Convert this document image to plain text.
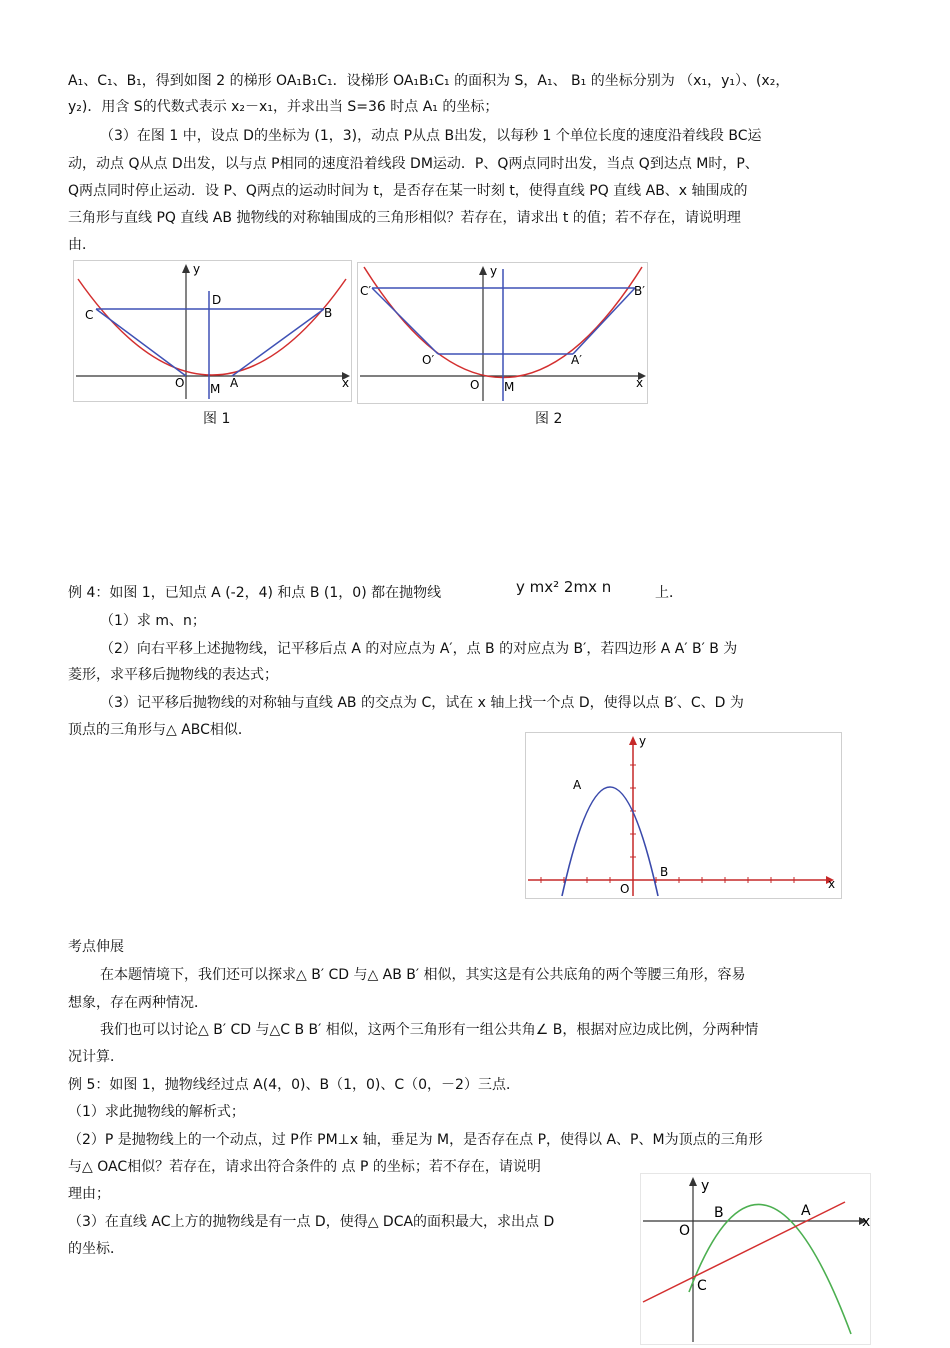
A₁、C₁、B₁，得到如图 2 的梯形 OA₁B₁C₁．设梯形 OA₁B₁C₁ 的面积为 S，A₁、 B₁ 的坐标分别为 （x₁，y₁）、(x₂，
y₂)．用含 S的代数式表示 x₂－x₁，并求出当 S=36 时点 A₁ 的坐标；
（3）在图 1 中，设点 D的坐标为 (1，3)，动点 P从点 B出发，以每秒 1 个单位长度的速度沿着线段 BC运
动，动点 Q从点 D出发，以与点 P相同的速度沿着线段 DM运动．P、Q两点同时出发，当点 Q到达点 M时，P、
Q两点同时停止运动．设 P、Q两点的运动时间为 t，是否存在某一时刻 t，使得直线 PQ 直线 AB、x 轴围成的
三角形与直线 PQ 直线 AB 抛物线的对称轴围成的三角形相似？若存在，请求出 t 的值；若不存在，请说明理
由．
C	B
D
O	A
M
y
x
图 1
C′	B′
O′	A′
O M
y
x
图 2
例 4：如图 1，已知点 A (-2，4) 和点 B (1，0) 都在抛物线	y mx² 2mx n	上．
（1）求 m、n；
（2）向右平移上述抛物线，记平移后点 A 的对应点为 A′，点 B 的对应点为 B′，若四边形 A A′ B′ B 为
菱形，求平移后抛物线的表达式；
（3）记平移后抛物线的对称轴与直线 AB 的交点为 C，试在 x 轴上找一个点 D，使得以点 B′、C、D 为
顶点的三角形与△ ABC相似．
A
B
O
y
x
考点伸展
在本题情境下，我们还可以探求△ B′ CD 与△ AB B′ 相似，其实这是有公共底角的两个等腰三角形，容易
想象，存在两种情况．
我们也可以讨论△ B′ CD 与△C B B′ 相似，这两个三角形有一组公共角∠ B，根据对应边成比例，分两种情
况计算．
例 5：如图 1，抛物线经过点 A(4，0)、B（1，0)、C（0，－2）三点．
（1）求此抛物线的解析式；
（2）P 是抛物线上的一个动点，过 P作 PM⊥x 轴，垂足为 M，是否存在点 P，使得以 A、P、M为顶点的三角形
与△ OAC相似？若存在，请求出符合条件的 点 P 的坐标；若不存在，请说明
理由；
（3）在直线 AC上方的抛物线是有一点 D，使得△ DCA的面积最大，求出点 D
的坐标．
y
x
O
B	A
C
